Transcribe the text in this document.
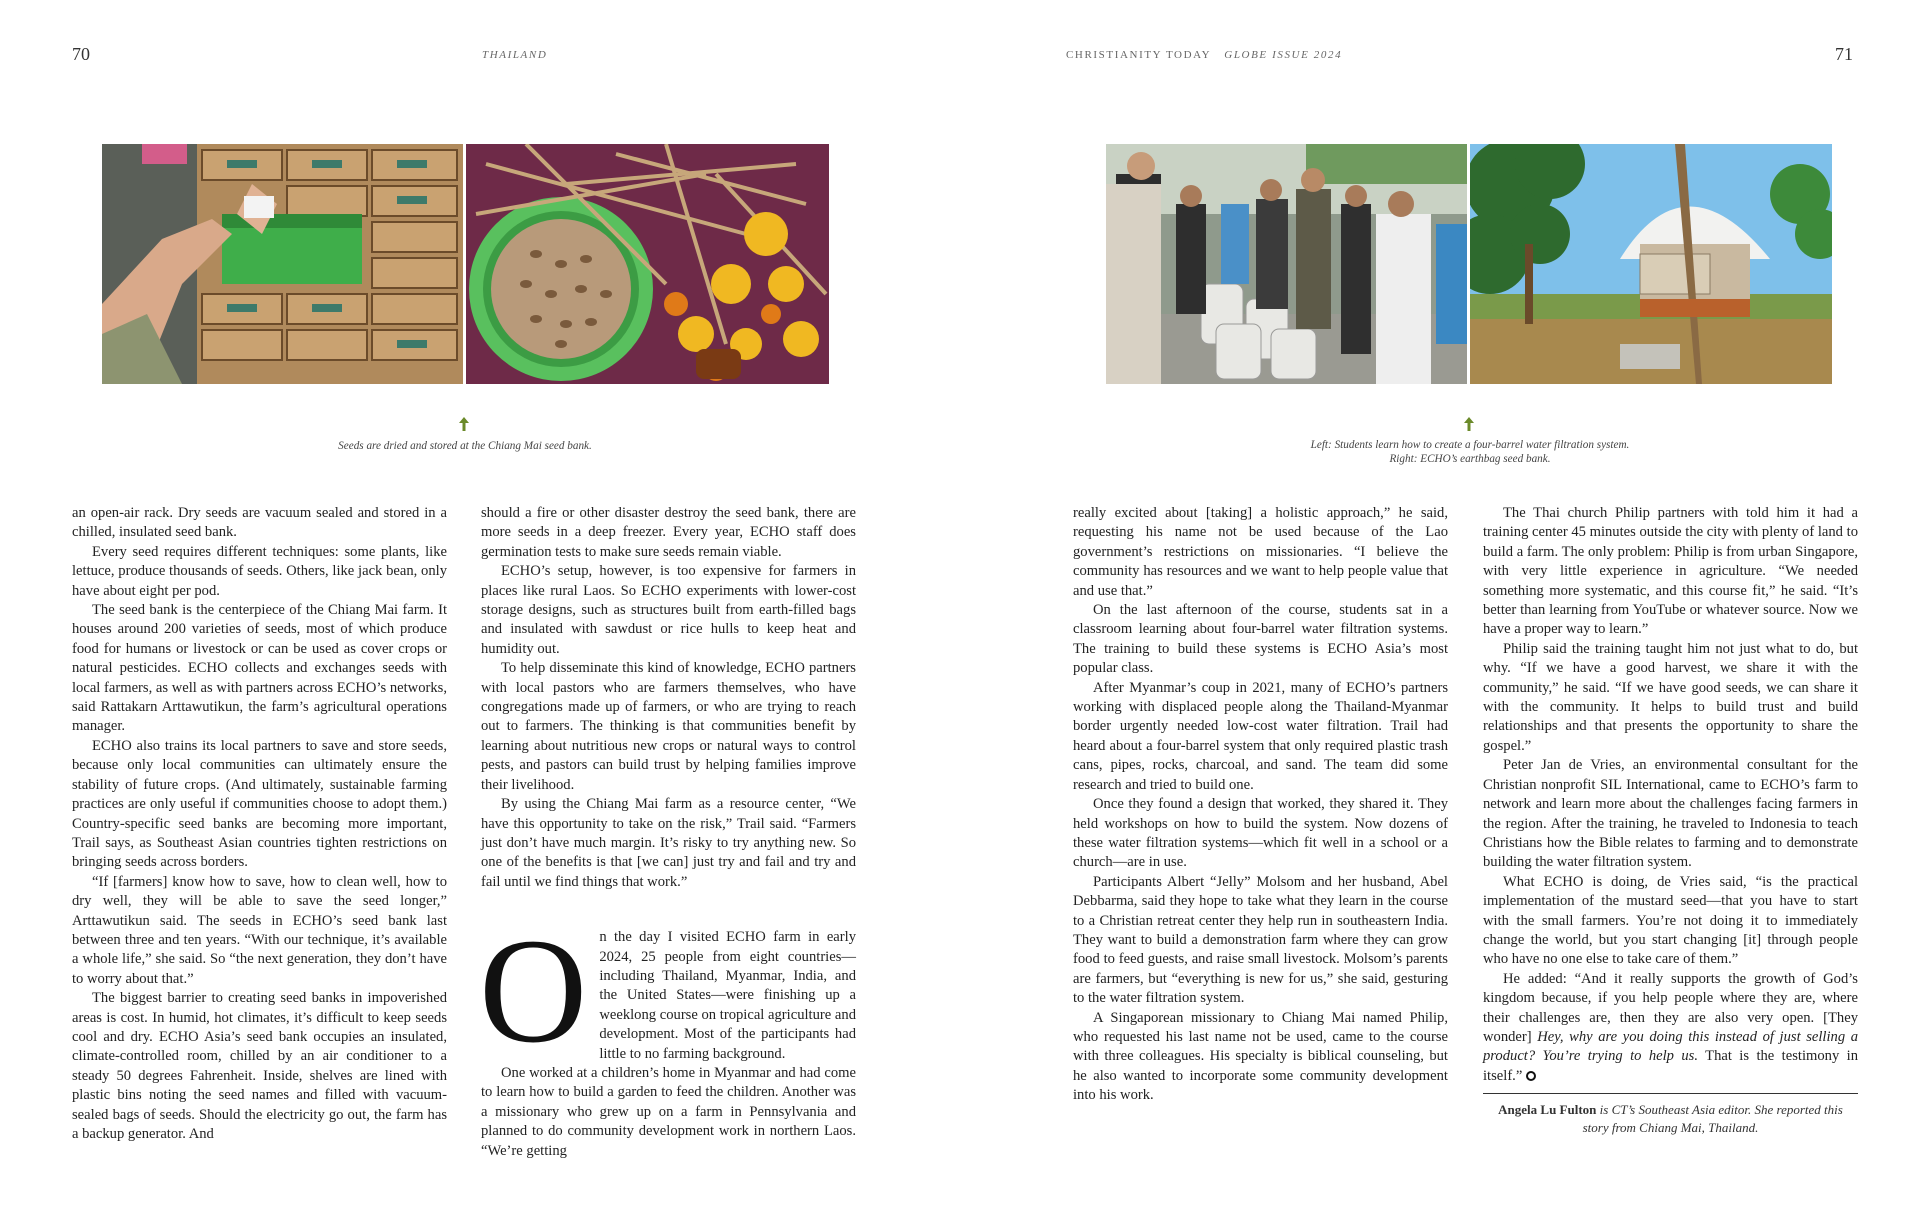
70	THAILAND	CHRISTIANITY TODAY GLOBE ISSUE 2024	71
Seeds are dried and stored at the Chiang Mai seed bank.	Left: Students learn how to create a four-barrel water filtration system.
Right: ECHO’s earthbag seed bank.

an open-air rack. Dry seeds are vacuum sealed and stored in a chilled, insulated seed bank.

Every seed requires different techniques: some plants, like lettuce, produce thousands of seeds. Others, like jack bean, only have about eight per pod.

The seed bank is the centerpiece of the Chiang Mai farm. It houses around 200 varieties of seeds, most of which produce food for humans or livestock or can be used as cover crops or natural pesticides. ECHO collects and exchanges seeds with local farmers, as well as with partners across ECHO’s networks, said Rattakarn Arttawutikun, the farm’s agricultural operations manager.

ECHO also trains its local partners to save and store seeds, because only local communities can ultimately ensure the stability of future crops. (And ultimately, sustainable farming practices are only useful if communities choose to adopt them.) Country-specific seed banks are becoming more important, Trail says, as Southeast Asian countries tighten restrictions on bringing seeds across borders.

“If [farmers] know how to save, how to clean well, how to dry well, they will be able to save the seed longer,” Arttawutikun said. The seeds in ECHO’s seed bank last between three and ten years. “With our technique, it’s available a whole life,” she said. So “the next generation, they don’t have to worry about that.”

The biggest barrier to creating seed banks in impoverished areas is cost. In humid, hot climates, it’s difficult to keep seeds cool and dry. ECHO Asia’s seed bank occupies an insulated, climate-controlled room, chilled by an air conditioner to a steady 50 degrees Fahrenheit. Inside, shelves are lined with plastic bins noting the seed names and filled with vacuum-sealed bags of seeds. Should the electricity go out, the farm has a backup generator. And

should a fire or other disaster destroy the seed bank, there are more seeds in a deep freezer. Every year, ECHO staff does germination tests to make sure seeds remain viable.

ECHO’s setup, however, is too expensive for farmers in places like rural Laos. So ECHO experiments with lower-cost storage designs, such as structures built from earth-filled bags and insulated with sawdust or rice hulls to keep heat and humidity out.

To help disseminate this kind of knowledge, ECHO partners with local pastors who are farmers themselves, who have congregations made up of farmers, or who are trying to reach out to farmers. The thinking is that communities benefit by learning about nutritious new crops or natural ways to control pests, and pastors can build trust by helping families improve their livelihood.

By using the Chiang Mai farm as a resource center, “We have this opportunity to take on the risk,” Trail said. “Farmers just don’t have much margin. It’s risky to try anything new. So one of the benefits is that [we can] just try and fail and try and fail until we find things that work.”

On the day I visited ECHO farm in early 2024, 25 people from eight countries—including Thailand, Myanmar, India, and the United States—were finishing up a weeklong course on tropical agriculture and development. Most of the participants had little to no farming background.

One worked at a children’s home in Myanmar and had come to learn how to build a garden to feed the children. Another was a missionary who grew up on a farm in Pennsylvania and planned to do community development work in northern Laos. “We’re getting

really excited about [taking] a holistic approach,” he said, requesting his name not be used because of the Lao government’s restrictions on missionaries. “I believe the community has resources and we want to help people value that and use that.”

On the last afternoon of the course, students sat in a classroom learning about four-barrel water filtration systems. The training to build these systems is ECHO Asia’s most popular class.

After Myanmar’s coup in 2021, many of ECHO’s partners working with displaced people along the Thailand-Myanmar border urgently needed low-cost water filtration. Trail had heard about a four-barrel system that only required plastic trash cans, pipes, rocks, charcoal, and sand. The team did some research and tried to build one.

Once they found a design that worked, they shared it. They held workshops on how to build the system. Now dozens of these water filtration systems—which fit well in a school or a church—are in use.

Participants Albert “Jelly” Molsom and her husband, Abel Debbarma, said they hope to take what they learn in the course to a Christian retreat center they help run in southeastern India. They want to build a demonstration farm where they can grow food to feed guests, and raise small livestock. Molsom’s parents are farmers, but “everything is new for us,” she said, gesturing to the water filtration system.

A Singaporean missionary to Chiang Mai named Philip, who requested his last name not be used, came to the course with three colleagues. His specialty is biblical counseling, but he also wanted to incorporate some community development into his work.

The Thai church Philip partners with told him it had a training center 45 minutes outside the city with plenty of land to build a farm. The only problem: Philip is from urban Singapore, with very little experience in agriculture. “We needed something more systematic, and this course fit,” he said. “It’s better than learning from YouTube or whatever source. Now we have a proper way to learn.”

Philip said the training taught him not just what to do, but why. “If we have a good harvest, we share it with the community,” he said. “If we have good seeds, we can share it with the community. It helps to build trust and build relationships and that presents the opportunity to share the gospel.”

Peter Jan de Vries, an environmental consultant for the Christian nonprofit SIL International, came to ECHO’s farm to network and learn more about the challenges facing farmers in the region. After the training, he traveled to Indonesia to teach Christians how the Bible relates to farming and to demonstrate building the water filtration system.

What ECHO is doing, de Vries said, “is the practical implementation of the mustard seed—that you have to start with the small farmers. You’re not doing it to immediately change the world, but you start changing [it] through people who have no one else to take care of them.”

He added: “And it really supports the growth of God’s kingdom because, if you help people where they are, where their challenges are, then they are also very open. [They wonder] Hey, why are you doing this instead of just selling a product? You’re trying to help us. That is the testimony in itself.”

Angela Lu Fulton is CT’s Southeast Asia editor. She reported this
story from Chiang Mai, Thailand.
